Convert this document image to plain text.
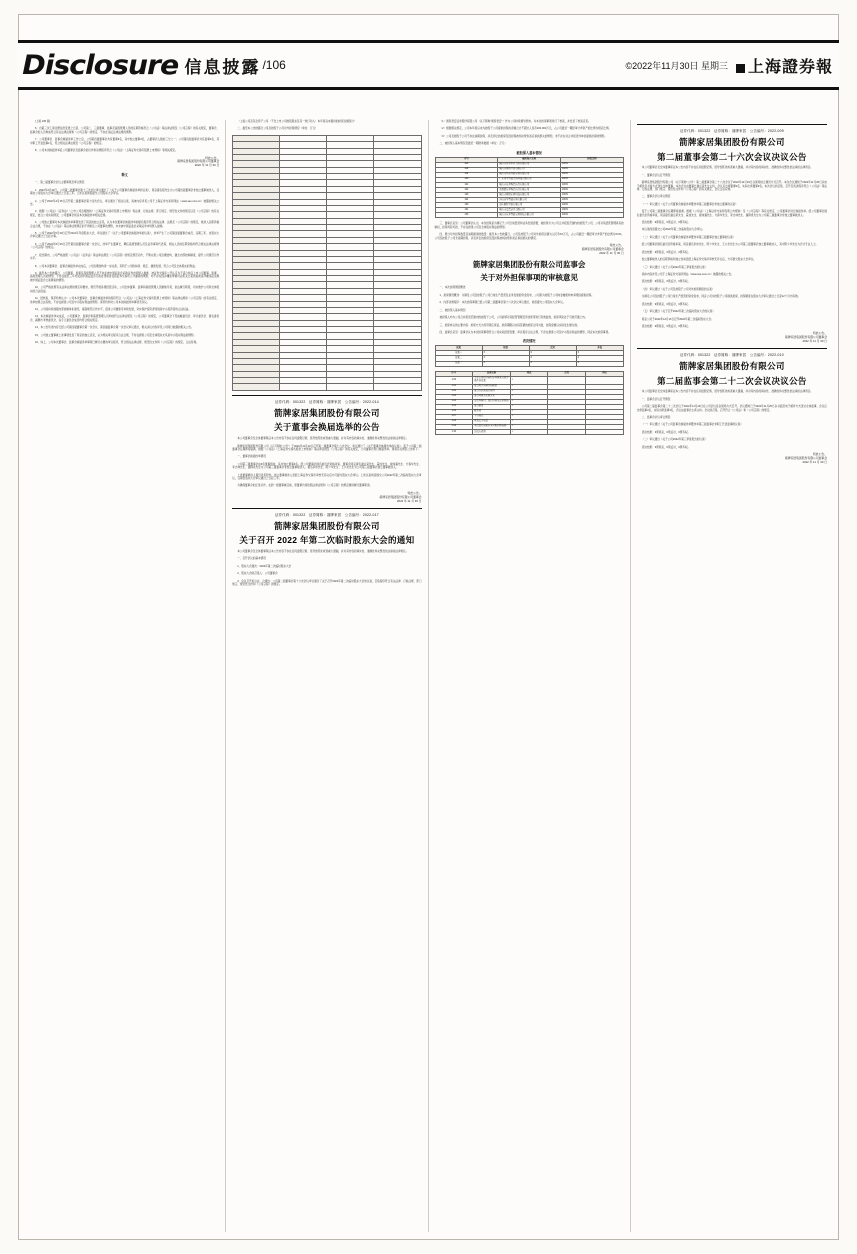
Disclosure 信息披露 /106	©2022年11月30日 星期三	上海證券報

(上接 105 版)

6、自第三次工商注册信息变更之日起，公司第二、三届董事、监事及高级管理人员的任职资格符合《公司法》等法律法规及《公司章程》的有关规定，董事会、监事会的人员构成符合有关法律法规和《公司章程》的规定，不存在违反法律法规的情形。

7、公司董事会、监事会换届选举工作之后，公司第四届董事会共有董事9名，其中独立董事3名，占董事会人数的三分之一；公司第四届监事会共有监事3名，其中职工代表监事1名，符合相关法律法规及《公司章程》的规定。

8、公司本次换届选举后公司董事会及监事会的运作和决策程序符合《公司法》《上海证券交易所股票上市规则》等相关规定。

特此公告。
箭牌家居集团股份有限公司董事会
2022 年 11 月 30 日
释义

一、第二届董事会会议主要事项及审议情况

1、2022年4月20日，公司第二届董事会第十三次会议审议通过了《关于公司董事会换届选举的议案》，同意提名程先生为公司第四届董事会非独立董事候选人，任期自公司股东大会审议通过之日起三年。上述议案尚需提交公司股东大会审议。

2、公司于2022年4月25日召开第二届董事会第十四次会议，审议通过了相关议案，具体内容详见公司于上海证券交易所网站（www.sse.com.cn）披露的相关公告。

3、根据《公司法》《证券法》《上市公司治理准则》《上海证券交易所股票上市规则》等法律、行政法规、部门规章、规范性文件的规定以及《公司章程》的有关规定，结合公司实际情况，公司董事会同意本次换届选举相关安排。

4、公司独立董事对本次换届选举事项发表了同意的独立意见，认为本次董事会换届选举的提名程序符合相关法律、法规及《公司章程》的规定，候选人任职资格合法合规，不存在《公司法》等法律法规规定的不得担任公司董事的情形，亦未被中国证监会采取证券市场禁入措施。

5、公司于2022年5月30日召开2021年年度股东大会，审议通过了《关于公司董事会换届选举的议案》，选举产生了公司第四届董事会成员，任期三年，自股东大会审议通过之日起计算。

6、公司于2022年6月15日召开第四届董事会第一次会议，选举产生董事长，聘任高级管理人员及证券事务代表等，相关人员的任职资格均符合相关法律法规和《公司章程》的规定。

7、报告期内，公司严格按照《公司法》《证券法》等法律法规及《公司章程》的规定规范运作，不断完善公司治理结构，健全内部控制制度，提升公司规范运作水平。

8、公司本次董事会、监事会换届选举完成后，公司治理结构进一步完善，有利于公司的持续、稳定、健康发展，符合公司及全体股东的利益。

9、截至本公告披露日，公司董事、监事及高级管理人员不存在被中国证监会采取证券市场禁入措施、被证券交易所公开认定为不适合担任上市公司董事、监事、高级管理人员的情形，不存在最近三年内受到中国证监会行政处罚或者受到证券交易所公开谴责的情形，亦不存在因涉嫌犯罪被司法机关立案侦查或者涉嫌违法违规被中国证监会立案调查的情形。

10、公司严格按照有关法律法规的规定和要求，规范开展各项经营活动，公司全体董事、监事和高级管理人员勤勉尽责，依法履行职责，切实维护公司和全体股东的合法权益。

11、经核查，保荐机构认为：公司本次董事会、监事会换届选举的程序符合《公司法》《上海证券交易所股票上市规则》等法律法规和《公司章程》的有关规定，选举结果合法有效，不存在损害公司及中小股东利益的情形。保荐机构对公司本次换届选举事项无异议。

12、公司将持续加强内部控制体系建设，提高规范运作水平，促进公司健康可持续发展，切实保护投资者特别是中小投资者的合法权益。

13、本次换届选举完成后，公司董事会、监事会和高级管理人员构成符合法律法规及《公司章程》的规定，公司董事会下设战略委员会、审计委员会、提名委员会、薪酬与考核委员会，各专门委员会成员均符合相关规定。

14、本公告所述内容已经公司第四届董事会第一次会议、第四届监事会第一次会议审议通过，相关决议内容详见公司同日披露的相关公告。

15、公司独立董事就上述事项发表了同意的独立意见，认为相关审议程序合法合规，不存在损害公司及全体股东尤其是中小股东利益的情形。

16、综上，公司本次董事会、监事会换届选举事项已履行必要的审议程序，符合相关法律法规、规范性文件和《公司章程》的规定，合法有效。

（上接公司及其全资子公司（不含上市公司控股股东及其一致行动人）本年度以来提供的担保总额统计）

二、截至本公告披露日公司及控股子公司对外担保情况（单位：万元）

证券代码：001322　证券简称：箭牌家居　公告编号：2022-014
箭牌家居集团股份有限公司
关于董事会换届选举的公告

本公司董事会及全体董事保证本公告内容不存在任何虚假记载、误导性陈述或者重大遗漏，并对其内容的真实性、准确性和完整性依法承担法律责任。

箭牌家居集团股份有限公司（以下简称"公司"）于2022年11月29日召开第二届董事会第十六次会议，审议通过了《关于董事会换届选举的议案》。鉴于公司第二届董事会任期即将届满，根据《公司法》《上海证券交易所股票上市规则》等法律法规及《公司章程》的有关规定，公司董事会进行换届选举。现将有关情况公告如下：

一、董事会换届选举情况

公司第三届董事会由9名董事组成，其中独立董事3名。经公司董事会提名委员会资格审查，董事会同意提名谢岳荣先生、霍成先生、谢伟藩先生、方春华先生、李志林先生、谢锦泉先生为公司第三届董事会非独立董事候选人；提名李伟先生、陈少华先生、王小龙先生为公司第三届董事会独立董事候选人。

上述董事候选人简历详见附件。独立董事候选人需经上海证券交易所审核无异议后方可提交股东大会审议。上述议案尚需提交公司2022年第二次临时股东大会审议，任期自股东大会审议通过之日起三年。

为确保董事会的正常运作，在新一届董事就任前，原董事仍将依照法律法规和《公司章程》的规定继续履行董事职责。

特此公告。
箭牌家居集团股份有限公司董事会
2022 年 11 月 30 日
证券代码：001322　证券简称：箭牌家居　公告编号：2022-017
箭牌家居集团股份有限公司
关于召开 2022 年第二次临时股东大会的通知

本公司董事会及全体董事保证本公告内容不存在任何虚假记载、误导性陈述或者重大遗漏，并对其内容的真实性、准确性和完整性依法承担法律责任。

一、召开会议的基本情况

1、股东大会届次：2022年第二次临时股东大会

2、股东大会的召集人：公司董事会

3、会议召开的合法、合规性：公司第二届董事会第十六次会议审议通过了关于召开2022年第二次临时股东大会的议案，召集程序符合有关法律、行政法规、部门规章、规范性文件和《公司章程》的规定。

（1）国泰君安证券股份有限公司（以下简称"国泰君安"）作为公司持续督导机构，对本次担保事项进行了核查，并发表了核查意见。

（2）根据相关规定，公司本年度以来为控股子公司提供担保的余额合计不超过人民币200,000万元，占公司最近一期经审计净资产的比例为相应比例。

（3）公司及控股子公司不存在逾期担保、涉及诉讼的担保及因担保被判决败诉而应承担损失的情形，亦不存在对合并报表外单位提供担保的情形。

二、被担保人基本情况及最近一期财务数据（单位：万元）

被担保人基本情况
序号	被担保人名称	持股比例
100	佛山市乐华恒业卫浴有限公司	100%
118	佛山市箭牌卫浴有限公司	100%
119	佛山市恒洁智能家居有限公司	100%
120	广东乐华智能卫浴科技有限公司	100%
121	佛山市乐华陶瓷洁具有限公司	100%
122	景德镇乐华陶瓷洁具有限公司	100%
123	佛山市箭牌家居科技有限公司	100%
124	河南乐华智能家居有限公司	100%
130	重庆箭牌卫浴有限公司	100%
131	佛山市法恩洁具有限公司	100%
133	佛山市乐华智能家居科技有限公司	100%

三、董事会意见：公司董事会认为，本次担保是为满足子公司日常经营和业务发展需要，被担保方为公司合并报表范围内的控股子公司，公司对其经营管理具有控制权，担保风险可控，不存在损害公司及全体股东利益的情形。

四、累计对外担保数量及逾期担保的数量：截至本公告披露日，公司及控股子公司对外担保总额为人民币XX万元，占公司最近一期经审计净资产的比例为XX%。公司及控股子公司无逾期担保、涉及诉讼的担保及因担保被判决败诉而应承担损失的情况。

特此公告。
箭牌家居集团股份有限公司董事会
2022 年 11 月 30 日
箭牌家居集团股份有限公司监事会
关于对外担保事项的审核意见

一、本次担保情况概述

1、担保情况概述：为满足公司及控股子公司日常生产经营及业务发展的资金需求，公司拟为控股子公司向金融机构申请授信提供担保。

2、内部决策程序：本次担保事项已经公司第二届董事会第十六次会议审议通过，尚需提交公司股东大会审议。

二、被担保人基本情况

被担保人均为公司合并报表范围内的控股子公司，公司能够对其经营管理及资金使用进行有效监控，担保风险处于可控范围之内。

三、担保协议的主要内容：担保方式为连带责任保证，担保期限以实际签署的担保合同为准，担保金额以实际发生额为准。

四、监事会意见：监事会认为本次担保事项符合公司实际经营需要，审议程序合法合规，不存在损害公司及中小股东利益的情形，同意本次担保事项。

表决情况
议案	同意	反对	弃权
议案一	3	0	0
议案二	3	0	0
议案三	3	0	0
序号	议案名称	同意	反对	弃权
1.00	关于公司符合向特定对象发行股票条件的议案	√		
1.01	发行股票的种类和面值	√		
1.02	发行方式和发行时间	√		
1.03	发行对象及认购方式	√		
1.04	定价基准日、发行价格及定价原则	√		
1.05	发行数量	√		
1.06	限售期	√		
1.07	上市地点	√		
1.08	募集资金用途	√		
1.09	本次发行前滚存未分配利润安排	√		
1.10	决议有效期	√		
证券代码：001322　证券简称：箭牌家居　公告编号：2022-009
箭牌家居集团股份有限公司
第二届董事会第二十六次会议决议公告

本公司董事会及全体董事保证本公告内容不存在任何虚假记载、误导性陈述或者重大遗漏，并对其内容的真实性、准确性和完整性依法承担法律责任。

一、董事会会议召开情况

箭牌家居集团股份有限公司（以下简称"公司"）第二届董事会第二十六次会议于2022年11月29日以现场结合通讯方式召开。本次会议通知于2022年11月25日以电子邮件及书面方式送达全体董事。本次会议由董事长谢岳荣先生主持，会议应出席董事9名，实际出席董事9名。本次会议的召集、召开及表决程序符合《公司法》等法律、行政法规、部门规章、规范性文件和《公司章程》的有关规定，会议合法有效。

二、董事会会议审议情况

（一）审议通过《关于公司董事会换届选举暨选举第三届董事会非独立董事的议案》

鉴于公司第二届董事会任期即将届满，根据《公司法》《上海证券交易所股票上市规则》及《公司章程》等有关规定，公司董事会进行换届选举。经公司董事会提名委员会资格审查，同意提名谢岳荣先生、霍成先生、谢伟藩先生、方春华先生、李志林先生、谢锦泉先生为公司第三届董事会非独立董事候选人。

表决结果：9票同意，0票反对，0票弃权。

本议案尚需提交公司2022年第二次临时股东大会审议。

（二）审议通过《关于公司董事会换届选举暨选举第三届董事会独立董事的议案》

经公司董事会提名委员会资格审查，同意提名李伟先生、陈少华先生、王小龙先生为公司第三届董事会独立董事候选人，其中陈少华先生为会计专业人士。

表决结果：9票同意，0票反对，0票弃权。

独立董事候选人的任职资格和独立性尚需经上海证券交易所审核无异议后，方可提交股东大会审议。

（三）审议通过《关于公司2022年第三季度报告的议案》

具体内容详见公司于上海证券交易所网站（www.sse.com.cn）披露的相关公告。

表决结果：9票同意，0票反对，0票弃权。

（四）审议通过《关于公司及控股子公司对外担保额度的议案》

为满足公司及控股子公司日常生产经营的资金需求，同意公司为控股子公司提供担保，担保额度在股东大会审议通过之日起12个月内有效。

表决结果：9票同意，0票反对，0票弃权。

（五）审议通过《关于召开2022年第二次临时股东大会的议案》

同意公司于2022年12月16日召开2022年第二次临时股东大会。

表决结果：9票同意，0票反对，0票弃权。

特此公告。
箭牌家居集团股份有限公司董事会
2022 年 11 月 30 日
证券代码：001322　证券简称：箭牌家居　公告编号：2022-010
箭牌家居集团股份有限公司
第二届监事会第二十二次会议决议公告

本公司监事会及全体监事保证本公告内容不存在任何虚假记载、误导性陈述或者重大遗漏，并对其内容的真实性、准确性和完整性依法承担法律责任。

一、监事会会议召开情况

公司第二届监事会第二十二次会议于2022年11月29日在公司会议室以现场方式召开，会议通知已于2022年11月25日以书面及电子邮件方式送达全体监事。会议应出席监事3名，实际出席监事3名，会议由监事会主席主持。会议的召集、召开符合《公司法》和《公司章程》的规定。

二、监事会会议审议情况

（一）审议通过《关于公司监事会换届选举暨选举第三届监事会非职工代表监事的议案》

表决结果：3票同意，0票反对，0票弃权。

（二）审议通过《关于公司2022年第三季度报告的议案》

表决结果：3票同意，0票反对，0票弃权。

特此公告。
箭牌家居集团股份有限公司监事会
2022 年 11 月 30 日
